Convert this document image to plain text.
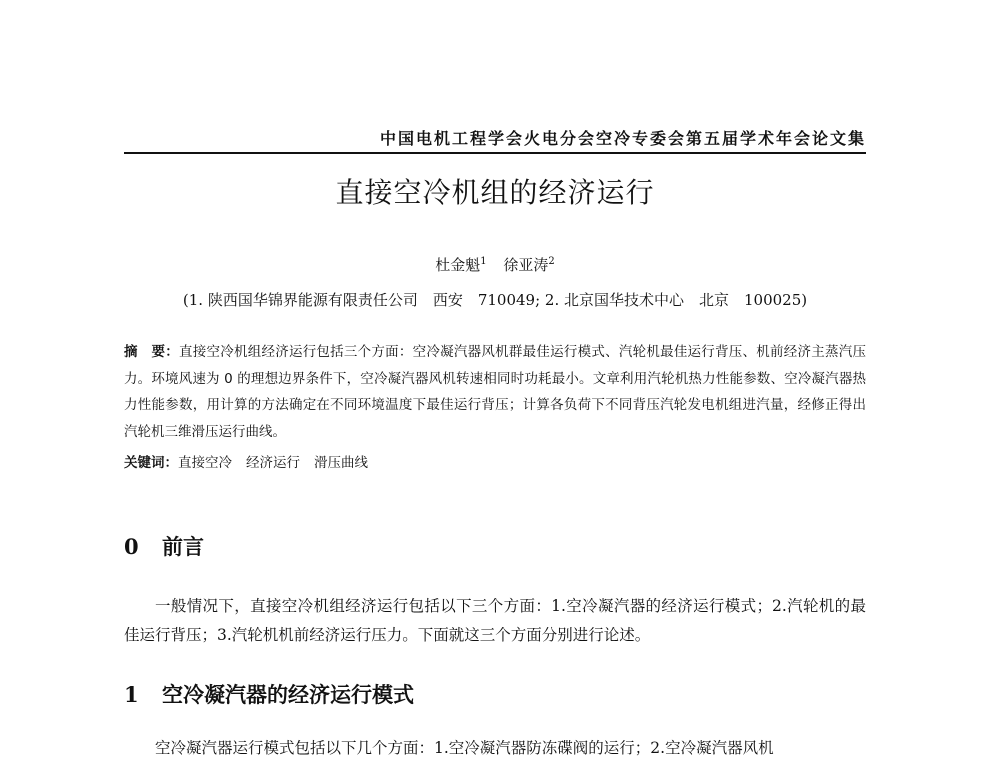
中国电机工程学会火电分会空冷专委会第五届学术年会论文集
直接空冷机组的经济运行
杜金魁$^1$ 徐亚涛$^2$
(1. 陕西国华锦界能源有限责任公司　西安　710049; 2. 北京国华技术中心　北京　100025)
摘　要：直接空冷机组经济运行包括三个方面：空冷凝汽器风机群最佳运行模式、汽轮机最佳运行背压、机前经济主蒸汽压力。环境风速为 0 的理想边界条件下，空冷凝汽器风机转速相同时功耗最小。文章利用汽轮机热力性能参数、空冷凝汽器热力性能参数，用计算的方法确定在不同环境温度下最佳运行背压；计算各负荷下不同背压汽轮发电机组进汽量，经修正得出汽轮机三维滑压运行曲线。
关键词：直接空冷 经济运行 滑压曲线
0 前言
一般情况下，直接空冷机组经济运行包括以下三个方面：1.空冷凝汽器的经济运行模式；2.汽轮机的最佳运行背压；3.汽轮机机前经济运行压力。下面就这三个方面分别进行论述。
1 空冷凝汽器的经济运行模式
空冷凝汽器运行模式包括以下几个方面：1.空冷凝汽器防冻碟阀的运行；2.空冷凝汽器风机
